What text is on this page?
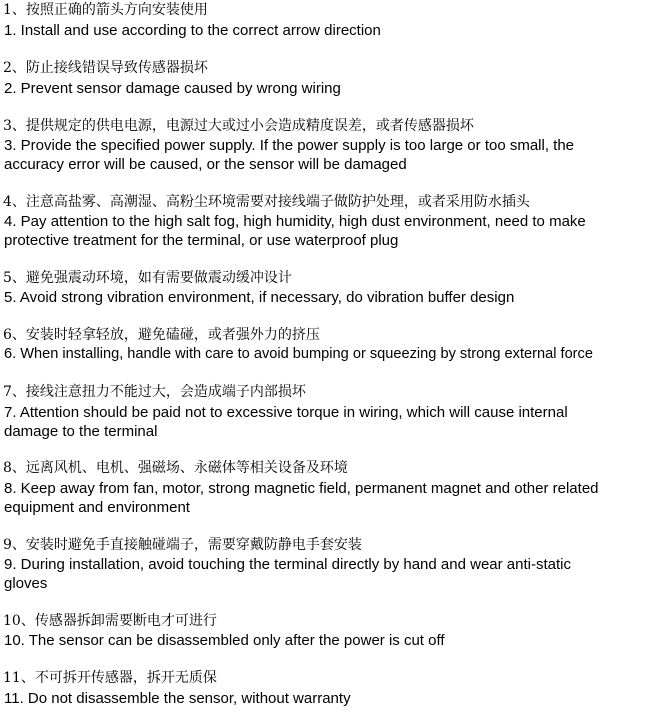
1、按照正确的箭头方向安装使用
1. Install and use according to the correct arrow direction
2、防止接线错误导致传感器损坏
2. Prevent sensor damage caused by wrong wiring
3、提供规定的供电电源，电源过大或过小会造成精度误差，或者传感器损坏
3. Provide the specified power supply. If the power supply is too large or too small, the
accuracy error will be caused, or the sensor will be damaged
4、注意高盐雾、高潮湿、高粉尘环境需要对接线端子做防护处理，或者采用防水插头
4. Pay attention to the high salt fog, high humidity, high dust environment, need to make
protective treatment for the terminal, or use waterproof plug
5、避免强震动环境，如有需要做震动缓冲设计
5. Avoid strong vibration environment, if necessary, do vibration buffer design
6、安装时轻拿轻放，避免磕碰，或者强外力的挤压
6. When installing, handle with care to avoid bumping or squeezing by strong external force
7、接线注意扭力不能过大，会造成端子内部损坏
7. Attention should be paid not to excessive torque in wiring, which will cause internal
damage to the terminal
8、远离风机、电机、强磁场、永磁体等相关设备及环境
8. Keep away from fan, motor, strong magnetic field, permanent magnet and other related
equipment and environment
9、安装时避免手直接触碰端子，需要穿戴防静电手套安装
9. During installation, avoid touching the terminal directly by hand and wear anti-static
gloves
10、传感器拆卸需要断电才可进行
10. The sensor can be disassembled only after the power is cut off
11、不可拆开传感器，拆开无质保
11. Do not disassemble the sensor, without warranty
